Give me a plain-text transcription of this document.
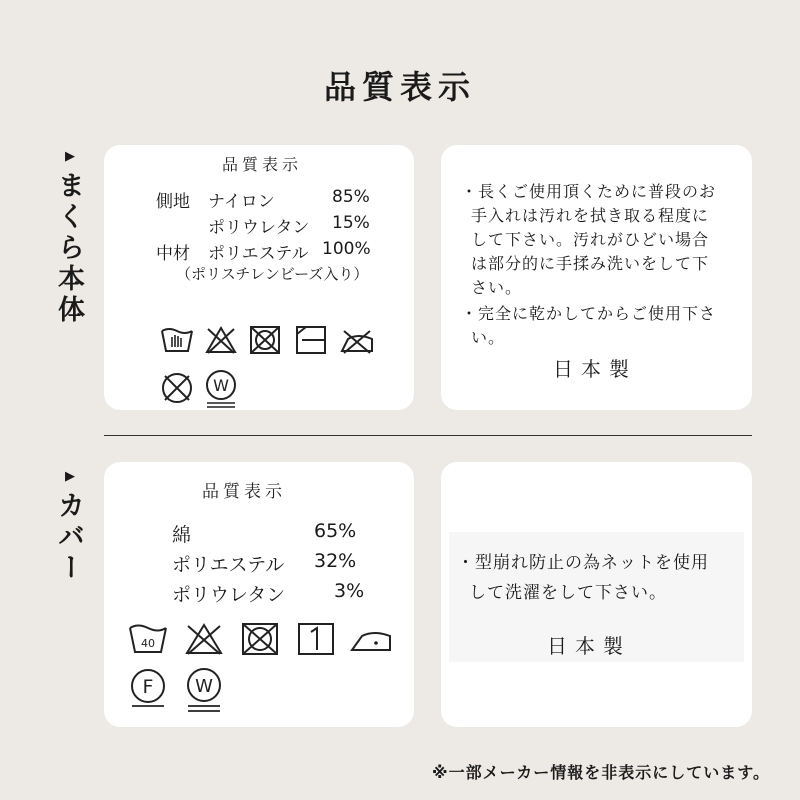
品質表示
▶
まくら本体
品質表示
側地 ナイロン	85%
ポリウレタン 15%
中材 ポリエステル 100%
（ポリスチレンビーズ入り）
W
・長くご使用頂くために普段のお
手入れは汚れを拭き取る程度に
して下さい。汚れがひどい場合
は部分的に手揉み洗いをして下
さい。
・完全に乾かしてからご使用下さ
い。
日本製
▶
カバー	品質表示
綿	65%
ポリエステル 32%
ポリウレタン	3%
40
F W
・型崩れ防止の為ネットを使用
して洗濯をして下さい。
日本製
※一部メーカー情報を非表示にしています。
